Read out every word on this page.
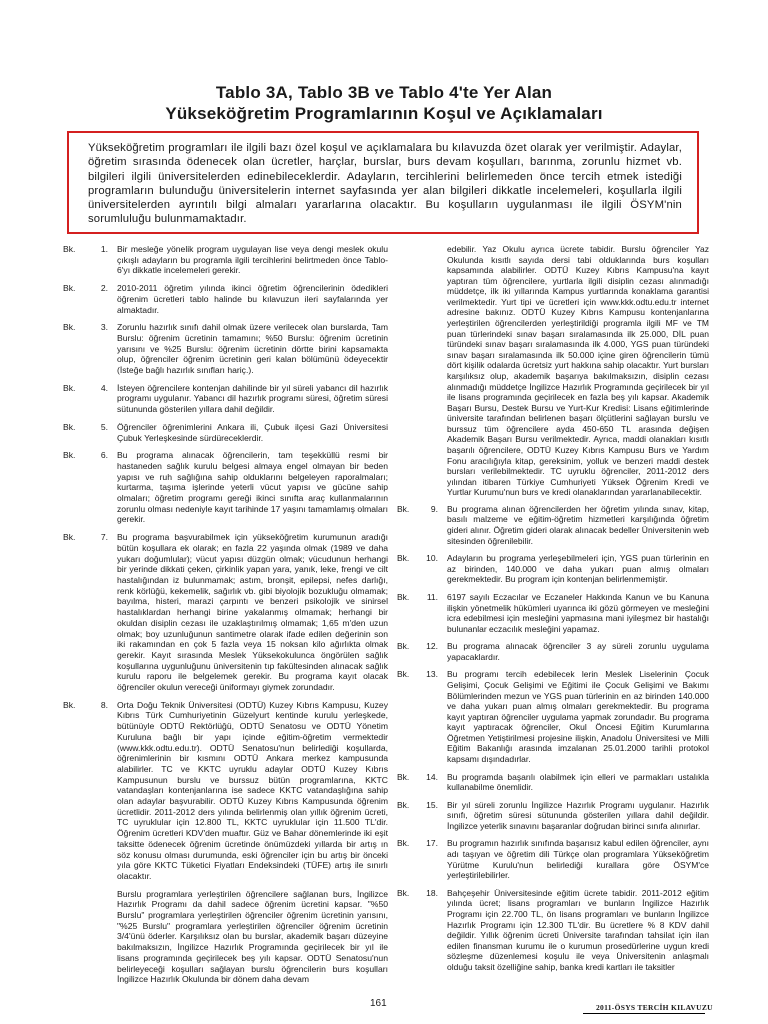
Tablo 3A, Tablo 3B ve Tablo 4'te Yer Alan
Yükseköğretim Programlarının Koşul ve Açıklamaları

Yükseköğretim programları ile ilgili bazı özel koşul ve açıklamalara bu kılavuzda özet olarak yer verilmiştir. Adaylar, öğretim sırasında ödenecek olan ücretler, harçlar, burslar, burs devam koşulları, barınma, zorunlu hizmet vb. bilgileri ilgili üniversitelerden edinebileceklerdir. Adayların, tercihlerini belirlemeden önce tercih etmek istediği programların bulunduğu üniversitelerin internet sayfasında yer alan bilgileri dikkatle incelemeleri, koşullarla ilgili üniversitelerden ayrıntılı bilgi almaları yararlarına olacaktır. Bu koşulların uygulanması ile ilgili ÖSYM'nin sorumluluğu bulunmamaktadır.

Bk.	1.	Bir mesleğe yönelik program uygulayan lise veya dengi meslek okulu çıkışlı adayların bu programla ilgili tercihlerini belirtmeden önce Tablo-6'yı dikkatle incelemeleri gerekir.
Bk.	2.	2010-2011 öğretim yılında ikinci öğretim öğrencilerinin ödedikleri öğrenim ücretleri tablo halinde bu kılavuzun ileri sayfalarında yer almaktadır.
Bk.	3.	Zorunlu hazırlık sınıfı dahil olmak üzere verilecek olan burslarda, Tam Burslu: öğrenim ücretinin tamamını; %50 Burslu: öğrenim ücretinin yarısını ve %25 Burslu: öğrenim ücretinin dörtte birini kapsamakta olup, öğrenciler öğrenim ücretinin geri kalan bölümünü ödeyecektir (İsteğe bağlı hazırlık sınıfları hariç.).
Bk.	4.	İsteyen öğrencilere kontenjan dahilinde bir yıl süreli yabancı dil hazırlık programı uygulanır. Yabancı dil hazırlık programı süresi, öğretim süresi sütununda gösterilen yıllara dahil değildir.
Bk.	5.	Öğrenciler öğrenimlerini Ankara ili, Çubuk ilçesi Gazi Üniversitesi Çubuk Yerleşkesinde sürdüreceklerdir.
Bk.	6.	Bu programa alınacak öğrencilerin, tam teşekküllü resmi bir hastaneden sağlık kurulu belgesi almaya engel olmayan bir beden yapısı ve ruh sağlığına sahip olduklarını belgeleyen raporalmaları; kurtarma, taşıma işlerinde yeterli vücut yapısı ve gücüne sahip olmaları; öğretim programı gereği ikinci sınıfta araç kullanmalarının zorunlu olması nedeniyle kayıt tarihinde 17 yaşını tamamlamış olmaları gerekir.
Bk.	7.	Bu programa başvurabilmek için yükseköğretim kurumunun aradığı bütün koşullara ek olarak; en fazla 22 yaşında olmak (1989 ve daha yukarı doğumlular); vücut yapısı düzgün olmak; vücudunun herhangi bir yerinde dikkati çeken, çirkinlik yapan yara, yanık, leke, frengi ve cilt hastalığından iz bulunmamak; astım, bronşit, epilepsi, nefes darlığı, renk körlüğü, kekemelik, sağırlık vb. gibi biyolojik bozukluğu olmamak; bayılma, histeri, marazi çarpıntı ve benzeri psikolojik ve sinirsel hastalıklardan herhangi birine yakalanmış olmamak; herhangi bir okuldan disiplin cezası ile uzaklaştırılmış olmamak; 1,65 m'den uzun olmak; boy uzunluğunun santimetre olarak ifade edilen değerinin son iki rakamından en çok 5 fazla veya 15 noksan kilo ağırlıkta olmak gerekir. Kayıt sırasında Meslek Yüksekokulunca öngörülen sağlık koşullarına uygunluğunu üniversitenin tıp fakültesinden alınacak sağlık kurulu raporu ile belgelemek gerekir. Bu programa kayıt olacak öğrenciler okulun vereceği üniformayı giymek zorundadır.
Bk.	8.	Orta Doğu Teknik Üniversitesi (ODTÜ) Kuzey Kıbrıs Kampusu, Kuzey Kıbrıs Türk Cumhuriyetinin Güzelyurt kentinde kurulu yerleşkede, bütünüyle ODTÜ Rektörlüğü, ODTÜ Senatosu ve ODTÜ Yönetim Kuruluna bağlı bir yapı içinde eğitim-öğretim vermektedir (www.kkk.odtu.edu.tr). ODTÜ Senatosu'nun belirlediği koşullarda, öğrenimlerinin bir kısmını ODTÜ Ankara merkez kampusunda alabilirler. TC ve KKTC uyruklu adaylar ODTÜ Kuzey Kıbrıs Kampusunun burslu ve burssuz bütün programlarına, KKTC vatandaşları kontenjanlarına ise sadece KKTC vatandaşlığına sahip olan adaylar başvurabilir. ODTÜ Kuzey Kıbrıs Kampusunda öğrenim ücretlidir. 2011-2012 ders yılında belirlenmiş olan yıllık öğrenim ücreti, TC uyruklular için 12.800 TL, KKTC uyruklular için 11.500 TL'dir. Öğrenim ücretleri KDV'den muaftır. Güz ve Bahar dönemlerinde iki eşit taksitte ödenecek öğrenim ücretinde önümüzdeki yıllarda bir artış ın söz konusu olması durumunda, eski öğrenciler için bu artış bir önceki yıla göre KKTC Tüketici Fiyatları Endeksindeki (TÜFE) artış ile sınırlı olacaktır.

Burslu programlara yerleştirilen öğrencilere sağlanan burs, İngilizce Hazırlık Programı da dahil sadece öğrenim ücretini kapsar. "%50 Burslu" programlara yerleştirilen öğrenciler öğrenim ücretinin yarısını, "%25 Burslu" programlara yerleştirilen öğrenciler öğrenim ücretinin 3/4'ünü öderler. Karşılıksız olan bu burslar, akademik başarı düzeyine bakılmaksızın, İngilizce Hazırlık Programında geçirilecek bir yıl ile lisans programında geçirilecek beş yılı kapsar. ODTÜ Senatosu'nun belirleyeceği koşulları sağlayan burslu öğrencilerin burs koşulları İngilizce Hazırlık Okulunda bir dönem daha devam

edebilir. Yaz Okulu ayrıca ücrete tabidir. Burslu öğrenciler Yaz Okulunda kısıtlı sayıda dersi tabi olduklarında burs koşulları kapsamında alabilirler. ODTÜ Kuzey Kıbrıs Kampusu'na kayıt yaptıran tüm öğrencilere, yurtlarla ilgili disiplin cezası alınmadığı müddetçe, ilk iki yıllarında Kampus yurtlarında konaklama garantisi verilmektedir. Yurt tipi ve ücretleri için www.kkk.odtu.edu.tr internet adresine bakınız. ODTÜ Kuzey Kıbrıs Kampusu kontenjanlarına yerleştirilen öğrencilerden yerleştirildiği programla ilgili MF ve TM puan türlerindeki sınav başarı sıralamasında ilk 25.000, DİL puan türündeki sınav başarı sıralamasında ilk 4.000, YGS puan türündeki sınav başarı sıralamasında ilk 50.000 içine giren öğrencilerin tümü dört kişilik odalarda ücretsiz yurt hakkına sahip olacaktır. Yurt bursları karşılıksız olup, akademik başarıya bakılmaksızın, disiplin cezası alınmadığı müddetçe İngilizce Hazırlık Programında geçirilecek bir yıl ile lisans programında geçirilecek en fazla beş yılı kapsar. Akademik Başarı Bursu, Destek Bursu ve Yurt-Kur Kredisi: Lisans eğitimlerinde üniversite tarafından belirlenen başarı ölçütlerini sağlayan burslu ve burssuz tüm öğrencilere ayda 450-650 TL arasında değişen Akademik Başarı Bursu verilmektedir. Ayrıca, maddi olanakları kısıtlı başarılı öğrencilere, ODTÜ Kuzey Kıbrıs Kampusu Burs ve Yardım Fonu aracılığıyla kitap, gereksinim, yolluk ve benzeri maddi destek bursları verilebilmektedir. TC uyruklu öğrenciler, 2011-2012 ders yılından itibaren Türkiye Cumhuriyeti Yüksek Öğrenim Kredi ve Yurtlar Kurumu'nun burs ve kredi olanaklarından yararlanabilecektir.

Bk.	9.	Bu programa alınan öğrencilerden her öğretim yılında sınav, kitap, basılı malzeme ve eğitim-öğretim hizmetleri karşılığında öğretim gideri alınır. Öğretim gideri olarak alınacak bedeller Üniversitenin web sitesinden öğrenilebilir.
Bk.	10.	Adayların bu programa yerleşebilmeleri için, YGS puan türlerinin en az birinden, 140.000 ve daha yukarı puan almış olmaları gerekmektedir. Bu program için kontenjan belirlenmemiştir.
Bk.	11.	6197 sayılı Eczacılar ve Eczaneler Hakkında Kanun ve bu Kanuna ilişkin yönetmelik hükümleri uyarınca iki gözü görmeyen ve mesleğini icra edebilmesi için mesleğini yapmasına mani iyileşmez bir hastalığı bulunanlar eczacılık mesleğini yapamaz.
Bk.	12.	Bu programa alınacak öğrenciler 3 ay süreli zorunlu uygulama yapacaklardır.
Bk.	13.	Bu programı tercih edebilecek lerin Meslek Liselerinin Çocuk Gelişimi, Çocuk Gelişimi ve Eğitimi ile Çocuk Gelişimi ve Bakımı Bölümlerinden mezun ve YGS puan türlerinin en az birinden 140.000 ve daha yukarı puan almış olmaları gerekmektedir. Bu programa kayıt yaptıran öğrenciler uygulama yapmak zorundadır. Bu programa kayıt yaptıracak öğrenciler, Okul Öncesi Eğitim Kurumlarına Öğretmen Yetiştirilmesi projesine ilişkin, Anadolu Üniversitesi ve Milli Eğitim Bakanlığı arasında imzalanan 25.01.2000 tarihli protokol kapsamı dışındadırlar.
Bk.	14.	Bu programda başarılı olabilmek için elleri ve parmakları ustalıkla kullanabilme önemlidir.
Bk.	15.	Bir yıl süreli zorunlu İngilizce Hazırlık Programı uygulanır. Hazırlık sınıfı, öğretim süresi sütununda gösterilen yıllara dahil değildir. İngilizce yeterlik sınavını başaranlar doğrudan birinci sınıfa alınırlar.
Bk.	17.	Bu programın hazırlık sınıfında başarısız kabul edilen öğrenciler, aynı adı taşıyan ve öğretim dili Türkçe olan programlara Yükseköğretim Yürütme Kurulu'nun belirlediği kurallara göre ÖSYM'ce yerleştirilebilirler.
Bk.	18.	Bahçeşehir Üniversitesinde eğitim ücrete tabidir. 2011-2012 eğitim yılında ücret; lisans programları ve bunların İngilizce Hazırlık Programı için 22.700 TL, ön lisans programları ve bunların İngilizce Hazırlık Programı için 12.300 TL'dir. Bu ücretlere % 8 KDV dahil değildir. Yıllık öğrenim ücreti Üniversite tarafından tahsilat için ilan edilen finansman kurumu ile o kurumun prosedürlerine uygun kredi sözleşme düzenlemesi koşulu ile veya Üniversitenin anlaşmalı olduğu taksit özelliğine sahip, banka kredi kartları ile taksitler
161	2011-ÖSYS TERCİH KILAVUZU
